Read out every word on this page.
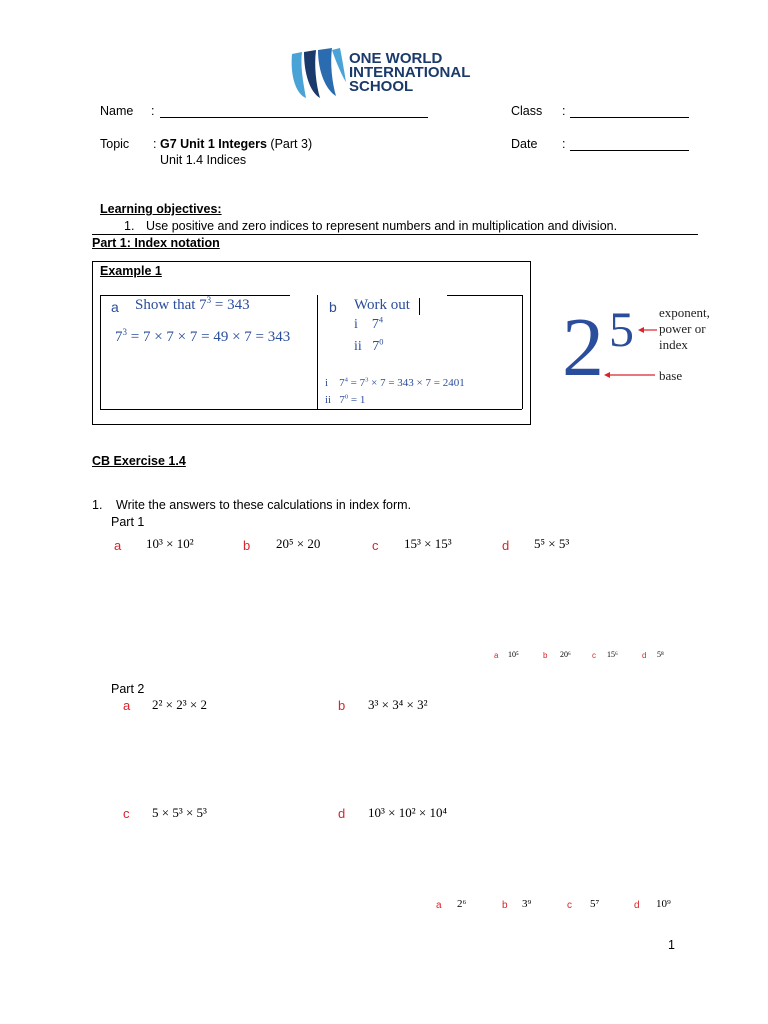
ONE WORLD
INTERNATIONAL
SCHOOL
Name :	Class :
Topic : G7 Unit 1 Integers (Part 3)
Unit 1.4 Indices
Date :
Learning objectives:
1. Use positive and zero indices to represent numbers and in multiplication and division.
Part 1: Index notation
Example 1
a Show that $7^3 = 343$
$7^3 = 7 \times 7 \times 7 = 49 \times 7 = 343$
b Work out
i $7^4$
ii $7^0$
i $7^4 = 7^3 \times 7 = 343 \times 7 = 2401$
ii $7^0 = 1$
2 5 exponent,
power or
index
base
CB Exercise 1.4
1. Write the answers to these calculations in index form.
Part 1
a 10³ × 10²	b 20⁵ × 20	c 15³ × 15³	d 5⁵ × 5³
a 10⁵	b 20⁶	c 15⁶	d 5⁸
Part 2
a 2² × 2³ × 2	b 3³ × 3⁴ × 3²
c 5 × 5³ × 5³	d 10³ × 10² × 10⁴
a 2⁶	b 3⁹	c 5⁷	d 10⁹
1
